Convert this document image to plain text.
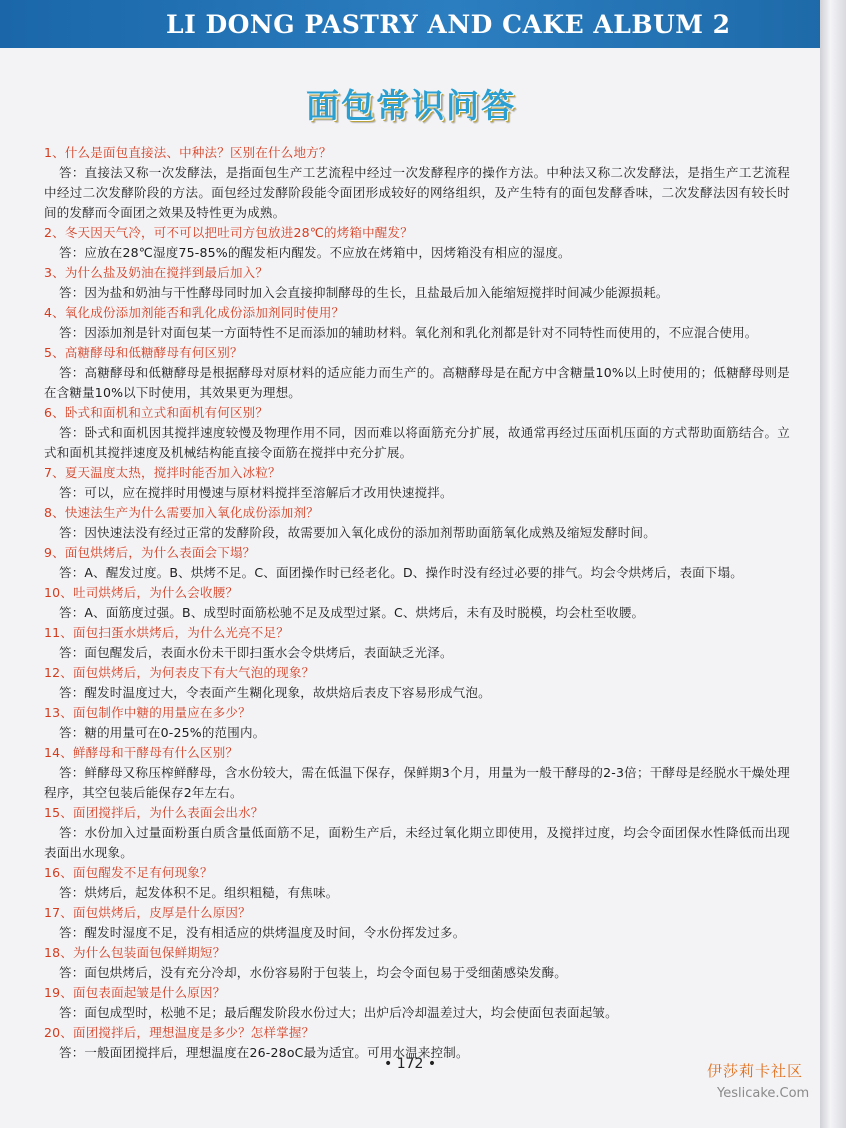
LI DONG PASTRY AND CAKE ALBUM 2
面包常识问答
1、什么是面包直接法、中种法？区别在什么地方？
答：直接法又称一次发酵法，是指面包生产工艺流程中经过一次发酵程序的操作方法。中种法又称二次发酵法，是指生产工艺流程中经过二次发酵阶段的方法。面包经过发酵阶段能令面团形成较好的网络组织，及产生特有的面包发酵香味，二次发酵法因有较长时间的发酵而令面团之效果及特性更为成熟。
2、冬天因天气冷，可不可以把吐司方包放进28℃的烤箱中醒发？
答：应放在28℃湿度75-85%的醒发柜内醒发。不应放在烤箱中，因烤箱没有相应的湿度。
3、为什么盐及奶油在搅拌到最后加入？
答：因为盐和奶油与干性酵母同时加入会直接抑制酵母的生长，且盐最后加入能缩短搅拌时间减少能源损耗。
4、氧化成份添加剂能否和乳化成份添加剂同时使用？
答：因添加剂是针对面包某一方面特性不足而添加的辅助材料。氧化剂和乳化剂都是针对不同特性而使用的，不应混合使用。
5、高糖酵母和低糖酵母有何区别？
答：高糖酵母和低糖酵母是根据酵母对原材料的适应能力而生产的。高糖酵母是在配方中含糖量10%以上时使用的；低糖酵母则是在含糖量10%以下时使用，其效果更为理想。
6、卧式和面机和立式和面机有何区别？
答：卧式和面机因其搅拌速度较慢及物理作用不同，因而难以将面筋充分扩展，故通常再经过压面机压面的方式帮助面筋结合。立式和面机其搅拌速度及机械结构能直接令面筋在搅拌中充分扩展。
7、夏天温度太热，搅拌时能否加入冰粒？
答：可以，应在搅拌时用慢速与原材料搅拌至溶解后才改用快速搅拌。
8、快速法生产为什么需要加入氧化成份添加剂？
答：因快速法没有经过正常的发酵阶段，故需要加入氧化成份的添加剂帮助面筋氧化成熟及缩短发酵时间。
9、面包烘烤后，为什么表面会下塌？
答：A、醒发过度。B、烘烤不足。C、面团操作时已经老化。D、操作时没有经过必要的排气。均会令烘烤后，表面下塌。
10、吐司烘烤后，为什么会收腰？
答：A、面筋度过强。B、成型时面筋松驰不足及成型过紧。C、烘烤后，未有及时脱模，均会杜至收腰。
11、面包扫蛋水烘烤后，为什么光亮不足？
答：面包醒发后，表面水份未干即扫蛋水会令烘烤后，表面缺乏光泽。
12、面包烘烤后，为何表皮下有大气泡的现象？
答：醒发时温度过大，令表面产生糊化现象，故烘焙后表皮下容易形成气泡。
13、面包制作中糖的用量应在多少？
答：糖的用量可在0-25%的范围内。
14、鲜酵母和干酵母有什么区别？
答：鲜酵母又称压榨鲜酵母，含水份较大，需在低温下保存，保鲜期3个月，用量为一般干酵母的2-3倍；干酵母是经脱水干燥处理程序，其空包装后能保存2年左右。
15、面团搅拌后，为什么表面会出水？
答：水份加入过量面粉蛋白质含量低面筋不足，面粉生产后，未经过氧化期立即使用，及搅拌过度，均会令面团保水性降低而出现表面出水现象。
16、面包醒发不足有何现象？
答：烘烤后，起发体积不足。组织粗糙，有焦味。
17、面包烘烤后，皮厚是什么原因？
答：醒发时湿度不足，没有相适应的烘烤温度及时间，令水份挥发过多。
18、为什么包装面包保鲜期短？
答：面包烘烤后，没有充分冷却，水份容易附于包装上，均会令面包易于受细菌感染发酶。
19、面包表面起皱是什么原因？
答：面包成型时，松驰不足；最后醒发阶段水份过大；出炉后冷却温差过大，均会使面包表面起皱。
20、面团搅拌后，理想温度是多少？怎样掌握？
答：一般面团搅拌后，理想温度在26-28oC最为适宜。可用水温来控制。
• 172 •	伊莎莉卡社区
Yeslicake.Com
